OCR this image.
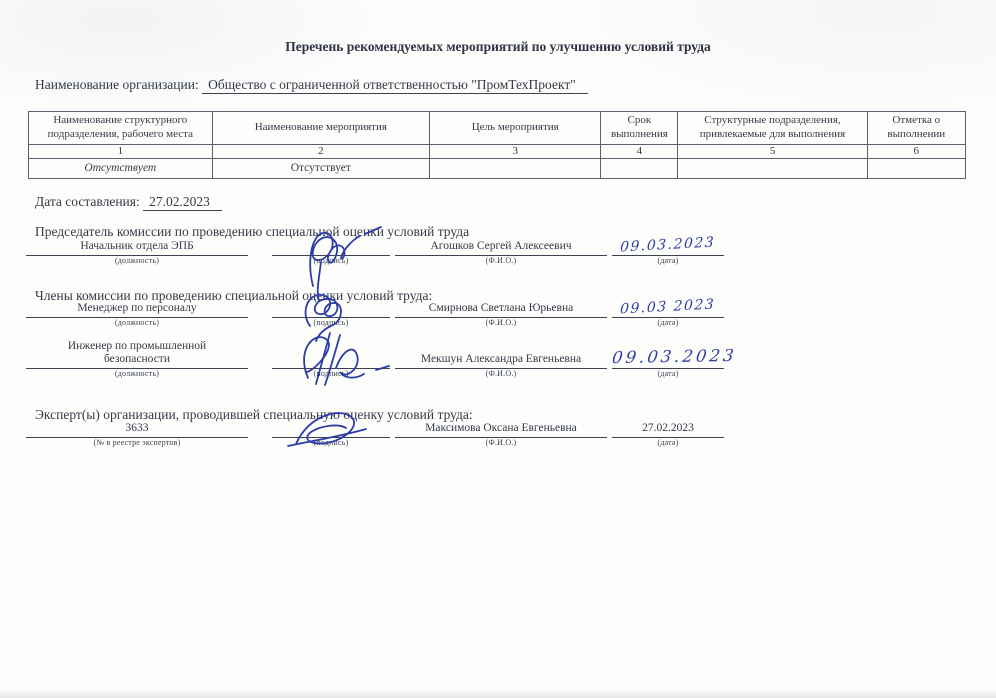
Перечень рекомендуемых мероприятий по улучшению условий труда
Наименование организации: Общество с ограниченной ответственностью "ПромТехПроект"
Наименование структурного подразделения, рабочего места	Наименование мероприятия	Цель мероприятия	Срок выполнения	Структурные подразделения, привлекаемые для выполнения	Отметка о выполнении
1	2	3	4	5	6
Отсутствует	Отсутствует				
Дата составления: 27.02.2023
Председатель комиссии по проведению специальной оценки условий труда
Начальник отдела ЭПБ
(должность)	(подпись)
Агошков Сергей Алексеевич
(Ф.И.О.)
09.03.2023
(дата)
Члены комиссии по проведению специальной оценки условий труда:
Менеджер по персоналу
(должность)	(подпись)
Смирнова Светлана Юрьевна
(Ф.И.О.)
09.03 2023
(дата)
Инженер по промышленной безопасности
(должность)	(подпись)
Мекшун Александра Евгеньевна
(Ф.И.О.)
09.03.2023
(дата)
Эксперт(ы) организации, проводившей специальную оценку условий труда:
3633
(№ в реестре экспертов)	(подпись)
Максимова Оксана Евгеньевна
(Ф.И.О.)
27.02.2023
(дата)
